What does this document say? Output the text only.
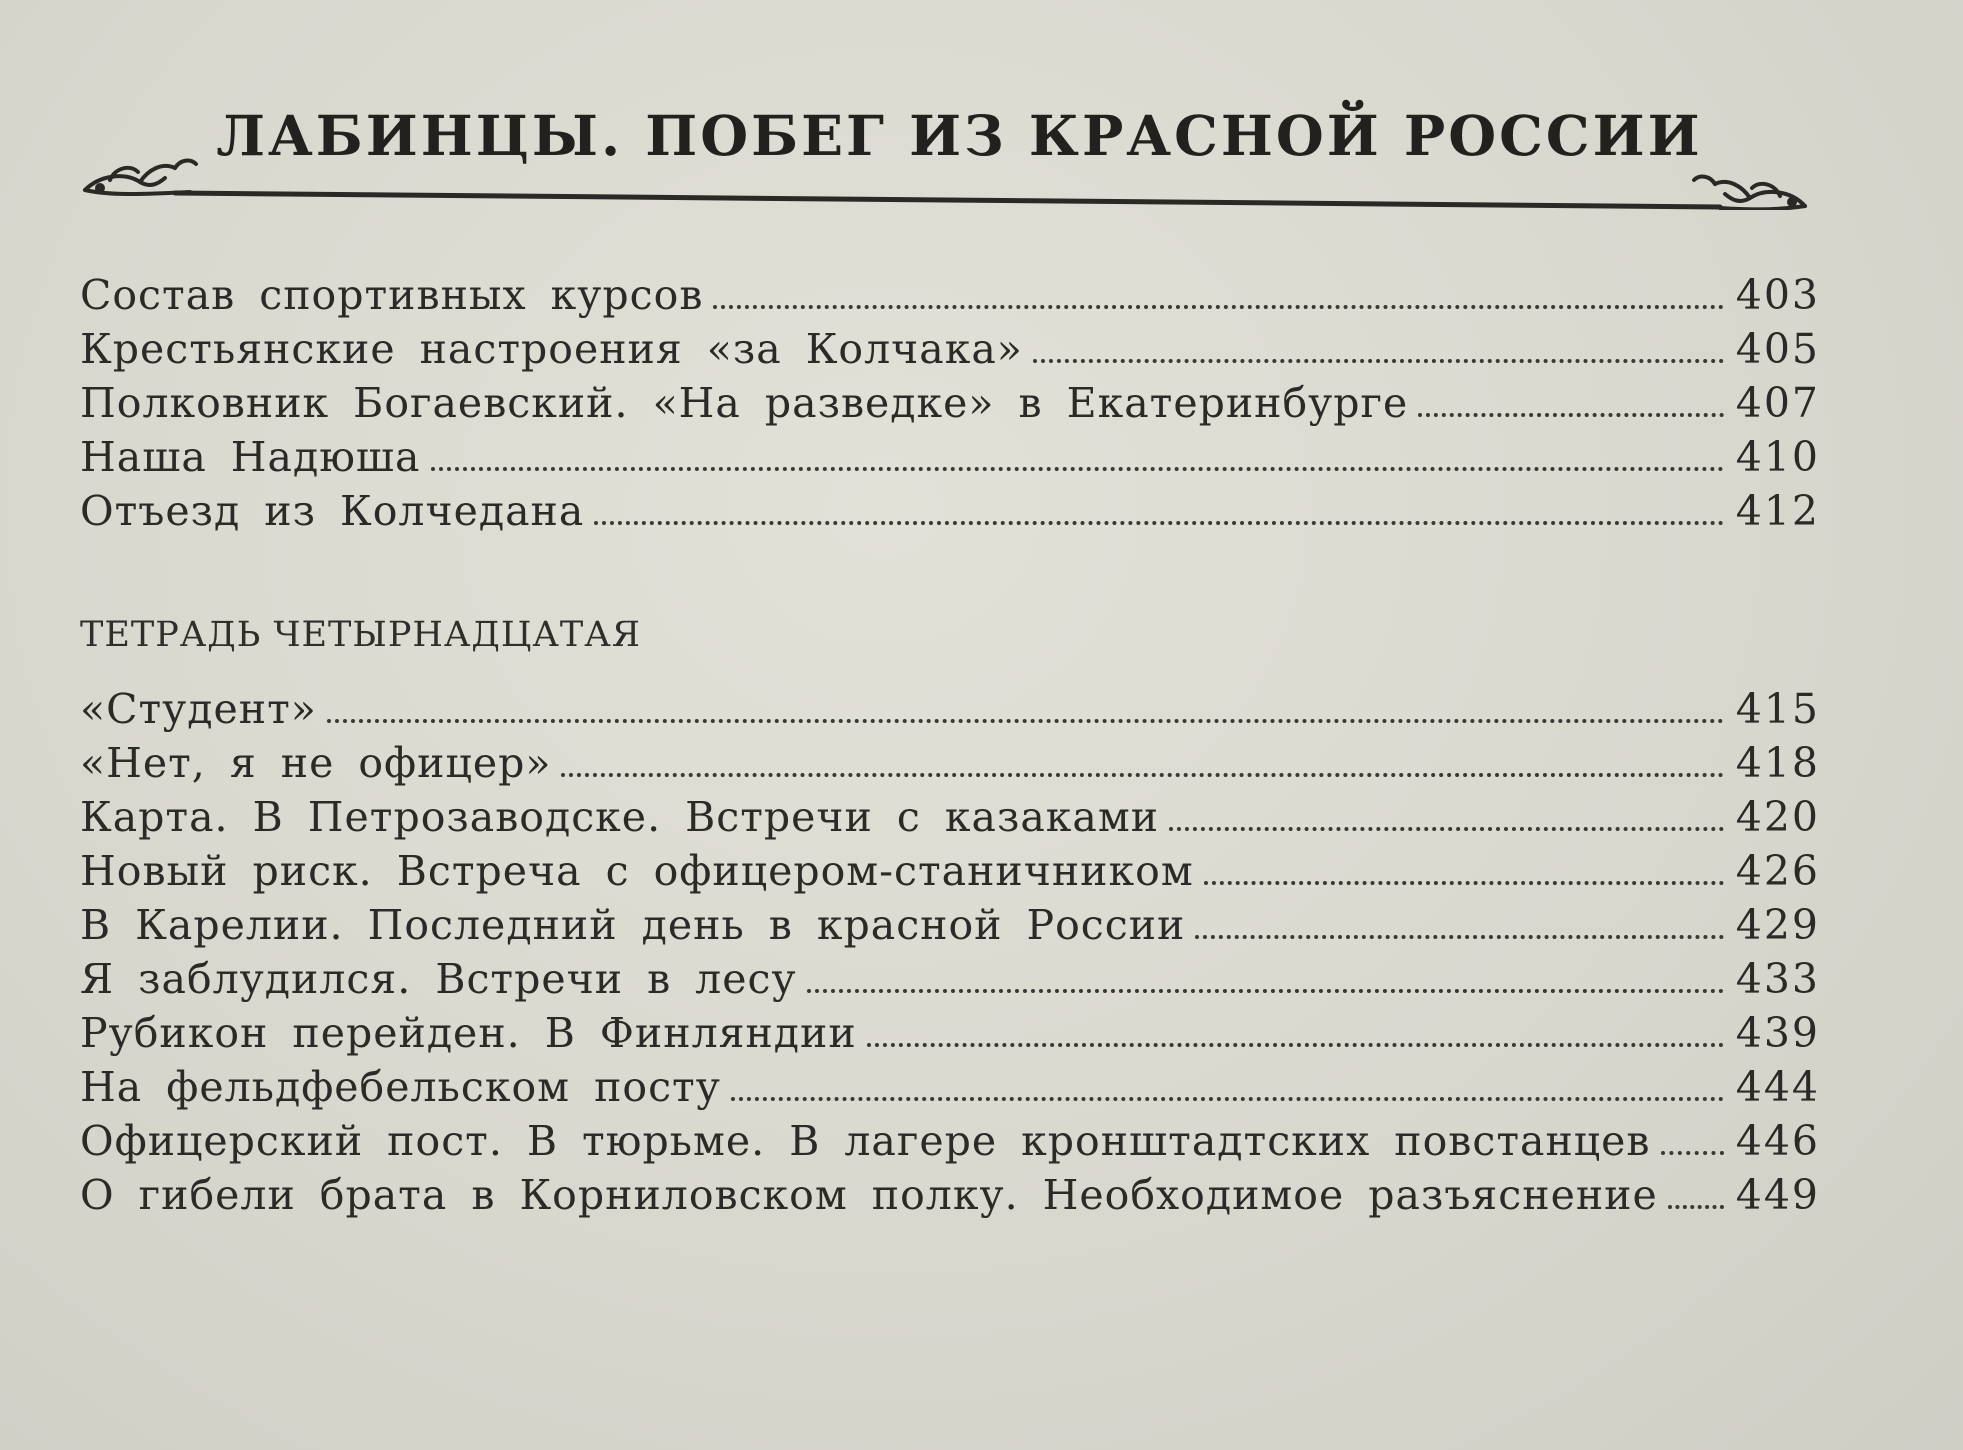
ЛАБИНЦЫ. ПОБЕГ ИЗ КРАСНОЙ РОССИИ
Состав спортивных курсов	403
Крестьянские настроения «за Колчака»	405
Полковник Богаевский. «На разведке» в Екатеринбурге	407
Наша Надюша	410
Отъезд из Колчедана	412
ТЕТРАДЬ ЧЕТЫРНАДЦАТАЯ
«Студент»	415
«Нет, я не офицер»	418
Карта. В Петрозаводске. Встречи с казаками	420
Новый риск. Встреча с офицером-станичником	426
В Карелии. Последний день в красной России	429
Я заблудился. Встречи в лесу	433
Рубикон перейден. В Финляндии	439
На фельдфебельском посту	444
Офицерский пост. В тюрьме. В лагере кронштадтских повстанцев 446
О гибели брата в Корниловском полку. Необходимое разъяснение 449
